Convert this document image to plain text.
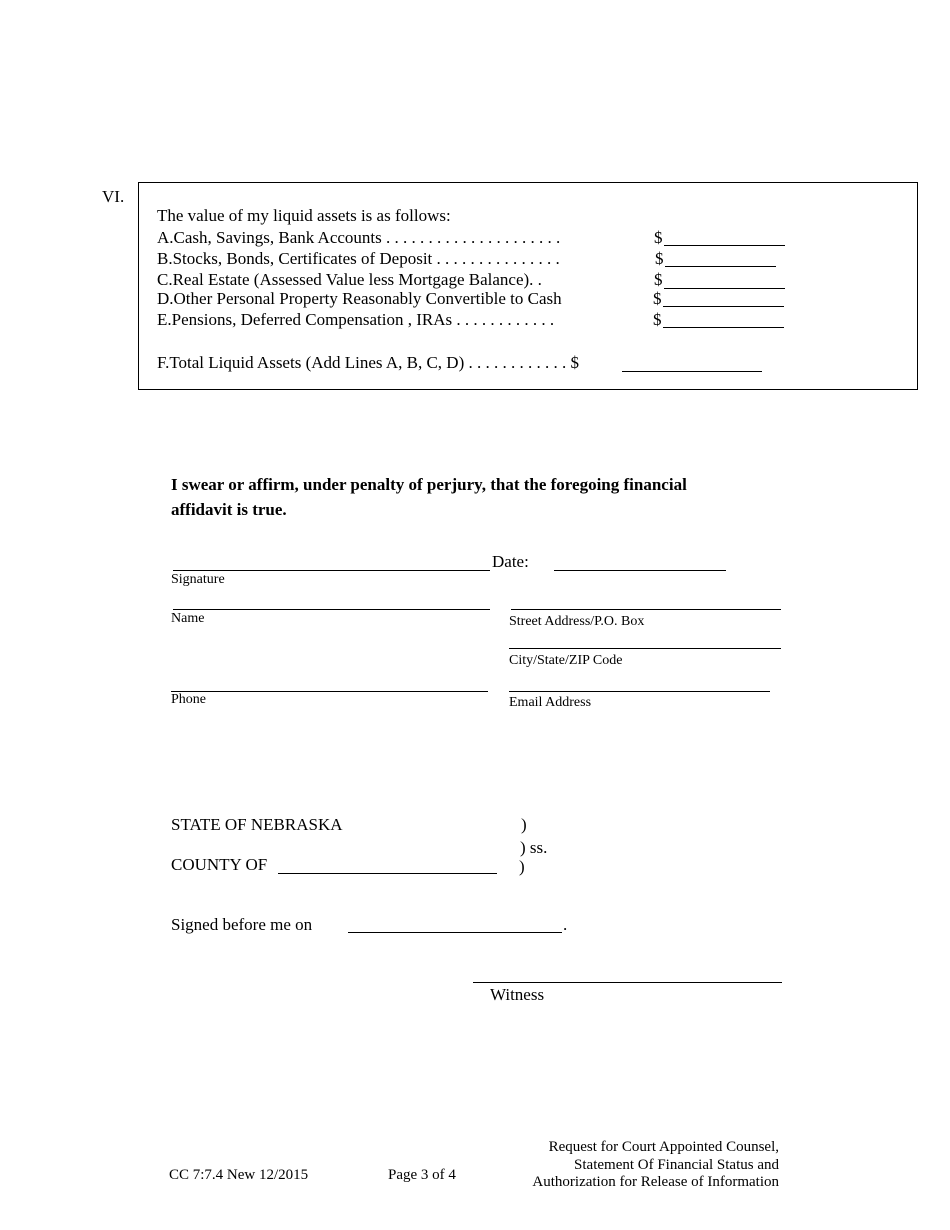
VI.
The value of my liquid assets is as follows:
A.Cash, Savings, Bank Accounts . . . . . . . . . . . . . . . . . . . . .	$
B.Stocks, Bonds, Certificates of Deposit . . . . . . . . . . . . . . .	$
C.Real Estate (Assessed Value less Mortgage Balance). .	$
D.Other Personal Property Reasonably Convertible to Cash	$
E.Pensions, Deferred Compensation , IRAs . . . . . . . . . . . .	$
F.Total Liquid Assets (Add Lines A, B, C, D) . . . . . . . . . . . . $
I swear or affirm, under penalty of perjury, that the foregoing financial
affidavit is true.
Date:
Signature
Name	Street Address/P.O. Box
City/State/ZIP Code
Phone	Email Address
STATE OF NEBRASKA	)
) ss.
COUNTY OF	)
Signed before me on	.
Witness
CC 7:7.4 New 12/2015	Page 3 of 4
Request for Court Appointed Counsel,
Statement Of Financial Status and
Authorization for Release of Information
